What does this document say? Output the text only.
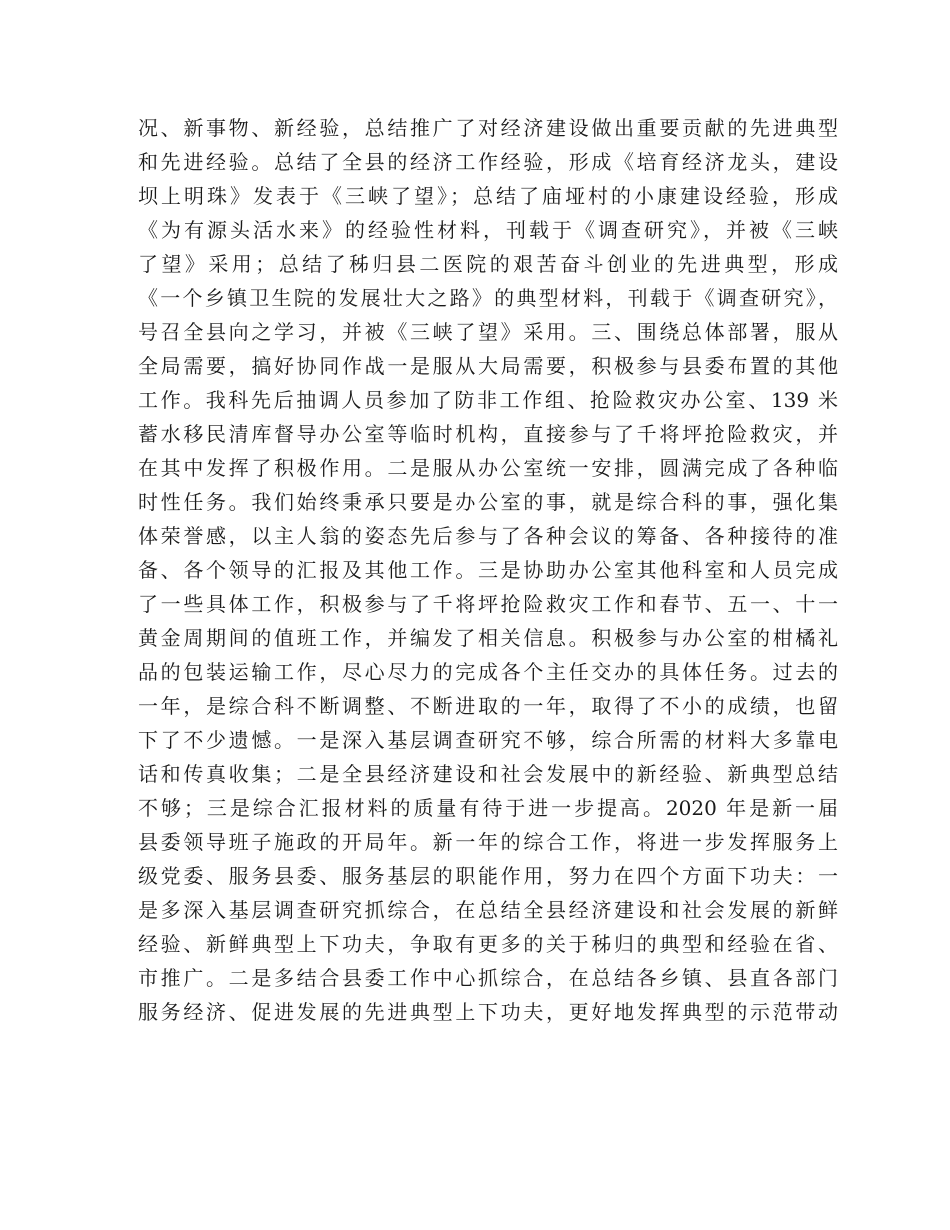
况、新事物、新经验，总结推广了对经济建设做出重要贡献的先进典型
和先进经验。总结了全县的经济工作经验，形成《培育经济龙头，建设
坝上明珠》发表于《三峡了望》；总结了庙垭村的小康建设经验，形成
《为有源头活水来》的经验性材料，刊载于《调查研究》，并被《三峡
了望》采用；总结了秭归县二医院的艰苦奋斗创业的先进典型，形成
《一个乡镇卫生院的发展壮大之路》的典型材料，刊载于《调查研究》，
号召全县向之学习，并被《三峡了望》采用。三、围绕总体部署，服从
全局需要，搞好协同作战一是服从大局需要，积极参与县委布置的其他
工作。我科先后抽调人员参加了防非工作组、抢险救灾办公室、139 米
蓄水移民清库督导办公室等临时机构，直接参与了千将坪抢险救灾，并
在其中发挥了积极作用。二是服从办公室统一安排，圆满完成了各种临
时性任务。我们始终秉承只要是办公室的事，就是综合科的事，强化集
体荣誉感，以主人翁的姿态先后参与了各种会议的筹备、各种接待的准
备、各个领导的汇报及其他工作。三是协助办公室其他科室和人员完成
了一些具体工作，积极参与了千将坪抢险救灾工作和春节、五一、十一
黄金周期间的值班工作，并编发了相关信息。积极参与办公室的柑橘礼
品的包装运输工作，尽心尽力的完成各个主任交办的具体任务。过去的
一年，是综合科不断调整、不断进取的一年，取得了不小的成绩，也留
下了不少遗憾。一是深入基层调查研究不够，综合所需的材料大多靠电
话和传真收集；二是全县经济建设和社会发展中的新经验、新典型总结
不够；三是综合汇报材料的质量有待于进一步提高。2020 年是新一届
县委领导班子施政的开局年。新一年的综合工作，将进一步发挥服务上
级党委、服务县委、服务基层的职能作用，努力在四个方面下功夫：一
是多深入基层调查研究抓综合，在总结全县经济建设和社会发展的新鲜
经验、新鲜典型上下功夫，争取有更多的关于秭归的典型和经验在省、
市推广。二是多结合县委工作中心抓综合，在总结各乡镇、县直各部门
服务经济、促进发展的先进典型上下功夫，更好地发挥典型的示范带动
